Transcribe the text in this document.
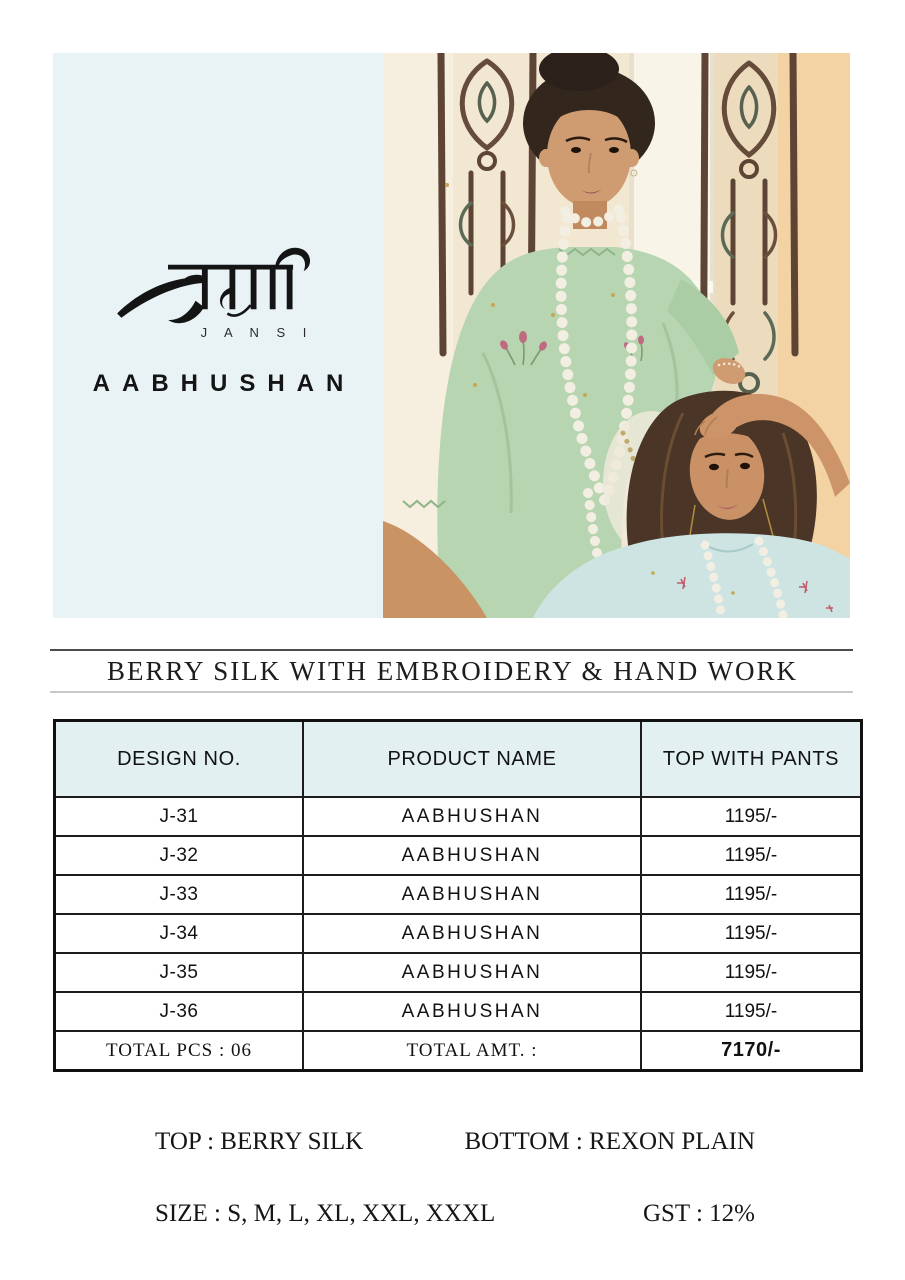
J A N S I
AABHUSHAN
BERRY SILK WITH EMBROIDERY & HAND WORK
DESIGN NO.	PRODUCT NAME	TOP WITH PANTS
J-31	AABHUSHAN	1195/-
J-32	AABHUSHAN	1195/-
J-33	AABHUSHAN	1195/-
J-34	AABHUSHAN	1195/-
J-35	AABHUSHAN	1195/-
J-36	AABHUSHAN	1195/-
TOTAL PCS : 06	TOTAL AMT. :	7170/-
TOP : BERRY SILK	BOTTOM : REXON PLAIN
SIZE : S, M, L, XL, XXL, XXXL	GST : 12%
